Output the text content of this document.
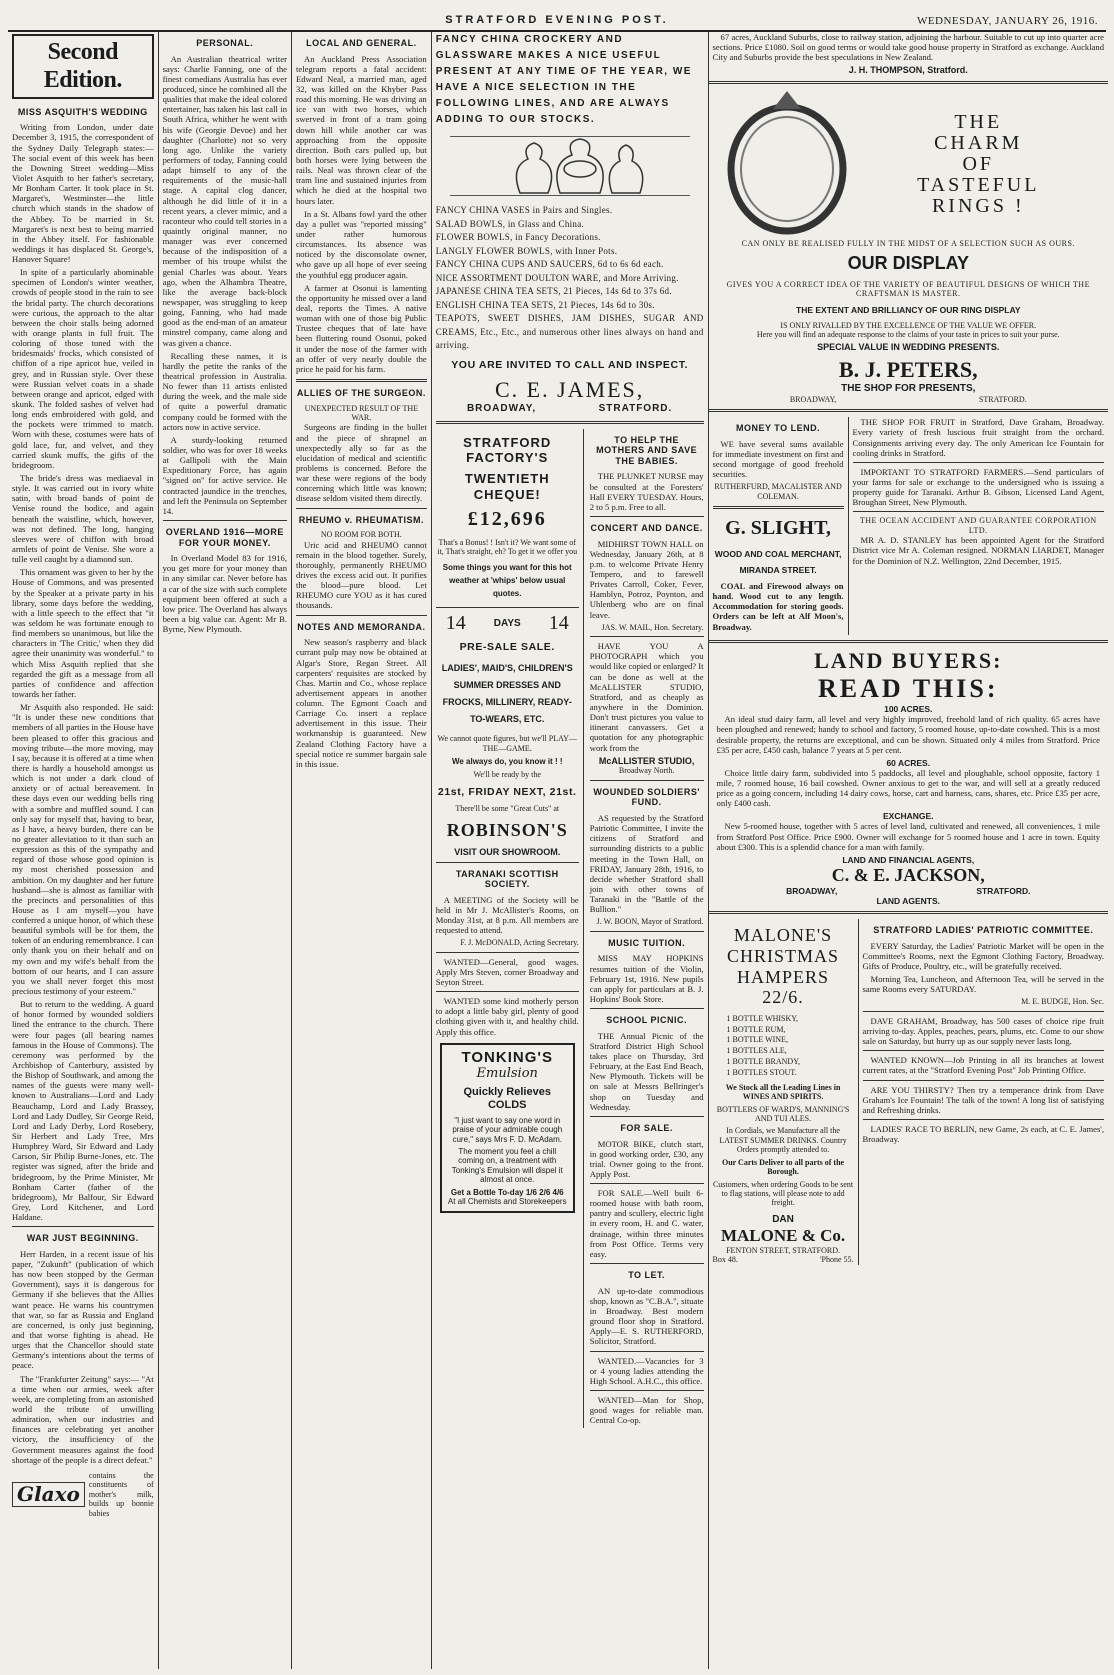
STRATFORD EVENING POST.	WEDNESDAY, JANUARY 26, 1916.
Second Edition.
MISS ASQUITH'S WEDDING

Writing from London, under date December 3, 1915, the correspondent of the Sydney Daily Telegraph states:— The social event of this week has been the Downing Street wedding—Miss Violet Asquith to her father's secretary, Mr Bonham Carter. It took place in St. Margaret's, Westminster—the little church which stands in the shadow of the Abbey. To be married in St. Margaret's is next best to being married in the Abbey itself. For fashionable weddings it has displaced St. George's, Hanover Square!

In spite of a particularly abominable specimen of London's winter weather, crowds of people stood in the rain to see the bridal party. The church decorations were curious, the approach to the altar between the choir stalls being adorned with orange plants in full fruit. The coloring of those toned with the bridesmaids' frocks, which consisted of chiffon of a ripe apricot hue, veiled in grey, and in Russian style. Over these were Russian velvet coats in a shade between orange and apricot, edged with skunk. The folded sashes of velvet had long ends embroidered with gold, and the pockets were trimmed to match. Worn with these, costumes were hats of gold lace, fur, and velvet, and they carried skunk muffs, the gifts of the bridegroom.

The bride's dress was mediaeval in style. It was carried out in ivory white satin, with broad bands of point de Venise round the bodice, and again beneath the waistline, which, however, was not defined. The long, hanging sleeves were of chiffon with broad armlets of point de Venise. She wore a tulle veil caught by a diamond sun.

This ornament was given to her by the House of Commons, and was presented by the Speaker at a private party in his library, some days before the wedding, with a little speech to the effect that "it was seldom he was fortunate enough to find members so unanimous, but like the characters in 'The Critic,' when they did agree their unanimity was wonderful." to which Miss Asquith replied that she regarded the gift as a message from all parties of confidence and affection towards her father.

Mr Asquith also responded. He said: "It is under these new conditions that members of all parties in the House have been pleased to offer this gracious and moving tribute—the more moving, may I say, because it is offered at a time when there is hardly a household amongst us which is not under a dark cloud of anxiety or of actual bereavement. In these days even our wedding bells ring with a sombre and muffled sound. I can only say for myself that, having to bear, as I have, a heavy burden, there can be no greater alleviation to it than such an expression as this of the sympathy and regard of those whose good opinion is my most cherished possession and ambition. On my daughter and her future husband—she is almost as familiar with the precincts and personalities of this House as I am myself—you have conferred a unique honor, of which these beautiful symbols will be for them, the token of an enduring remembrance. I can only thank you on their behalf and on my own and my wife's behalf from the bottom of our hearts, and I can assure you we shall never forget this most precious testimony of your esteem."

But to return to the wedding. A guard of honor formed by wounded soldiers lined the entrance to the church. There were four pages (all bearing names famous in the House of Commons). The ceremony was performed by the Archbishop of Canterbury, assisted by the Bishop of Southwark, and among the names of the guests were many well-known to Australians—Lord and Lady Beauchamp, Lord and Lady Brassey, Lord and Lady Dudley, Sir George Reid, Lord and Lady Derby, Lord Rosebery, Sir Herbert and Lady Tree, Mrs Humphrey Ward, Sir Edward and Lady Carson, Sir Philip Burne-Jones, etc. The register was signed, after the bride and bridegroom, by the Prime Minister, Mr Bonham Carter (father of the bridegroom), Mr Balfour, Sir Edward Grey, Lord Kitchener, and Lord Haldane.

WAR JUST BEGINNING.

Herr Harden, in a recent issue of his paper, "Zukunft" (publication of which has now been stopped by the German Government), says it is dangerous for Germany if she believes that the Allies want peace. He warns his countrymen that war, so far as Russia and England are concerned, is only just beginning, and that worse fighting is ahead. He urges that the Chancellor should state Germany's intentions about the terms of peace.

The "Frankfurter Zeitung" says:— "At a time when our armies, week after week, are completing from an astonished world the tribute of unwilling admiration, when our industries and finances are celebrating yet another victory, the insufficiency of the Government measures against the food shortage of the people is a direct defeat."

Glaxo
contains the constituents of mother's milk, builds up bonnie babies
PERSONAL.

An Australian theatrical writer says: Charlie Fanning, one of the finest comedians Australia has ever produced, since he combined all the qualities that make the ideal colored entertainer, has taken his last call in South Africa, whither he went with his wife (Georgie Devoe) and her daughter (Charlotte) not so very long ago. Unlike the variety performers of today, Fanning could adapt himself to any of the requirements of the music-hall stage. A capital clog dancer, although he did little of it in a recent years, a clever mimic, and a raconteur who could tell stories in a quaintly original manner, no manager was ever concerned because of the indisposition of a member of his troupe whilst the genial Charles was about. Years ago, when the Alhambra Theatre, like the average back-block newspaper, was struggling to keep going, Fanning, who had made good as the end-man of an amateur minstrel company, came along and was given a chance.

Recalling these names, it is hardly the petite the ranks of the theatrical profession in Australia. No fewer than 11 artists enlisted during the week, and the male side of quite a powerful dramatic company could be formed with the actors now in active service.

A sturdy-looking returned soldier, who was for over 18 weeks at Gallipoli with the Main Expeditionary Force, has again "signed on" for active service. He contracted jaundice in the trenches, and left the Peninsula on September 14.

OVERLAND 1916—MORE FOR YOUR MONEY.

In Overland Model 83 for 1916, you get more for your money than in any similar car. Never before has a car of the size with such complete equipment been offered at such a low price. The Overland has always been a big value car. Agent: Mr B. Byrne, New Plymouth.

LOCAL AND GENERAL.

An Auckland Press Association telegram reports a fatal accident: Edward Neal, a married man, aged 32, was killed on the Khyber Pass road this morning. He was driving an ice van with two horses, which swerved in front of a tram going down hill while another car was approaching from the opposite direction. Both cars pulled up, but both horses were lying between the rails. Neal was thrown clear of the tram line and sustained injuries from which he died at the hospital two hours later.

In a St. Albans fowl yard the other day a pullet was "reported missing" under rather humorous circumstances. Its absence was noticed by the disconsolate owner, who gave up all hope of ever seeing the youthful egg producer again.

A farmer at Osonui is lamenting the opportunity he missed over a land deal, reports the Times. A native woman with one of those big Public Trustee cheques that of late have been fluttering round Osonui, poked it under the nose of the farmer with an offer of very nearly double the price he paid for his farm.

ALLIES OF THE SURGEON.
UNEXPECTED RESULT OF THE WAR.

Surgeons are finding in the bullet and the piece of shrapnel an unexpectedly ally so far as the elucidation of medical and scientific problems is concerned. Before the war these were regions of the body concerning which little was known; disease seldom visited them directly.

RHEUMO v. RHEUMATISM.
NO ROOM FOR BOTH.

Uric acid and RHEUMO cannot remain in the blood together. Surely, thoroughly, permanently RHEUMO drives the excess acid out. It purifies the blood—pure blood. Let RHEUMO cure YOU as it has cured thousands.

NOTES AND MEMORANDA.

New season's raspberry and black currant pulp may now be obtained at Algar's Store, Regan Street. All carpenters' requisites are stocked by Chas. Martin and Co., whose replace advertisement appears in another column. The Egmont Coach and Carriage Co. insert a replace advertisement in this issue. Their workmanship is guaranteed. New Zealand Clothing Factory have a special notice re summer bargain sale in this issue.

FANCY CHINA CROCKERY AND GLASSWARE MAKES A NICE USEFUL PRESENT AT ANY TIME OF THE YEAR, WE HAVE A NICE SELECTION IN THE FOLLOWING LINES, AND ARE ALWAYS ADDING TO OUR STOCKS.
FANCY CHINA VASES in Pairs and Singles.
SALAD BOWLS, in Glass and China.
FLOWER BOWLS, in Fancy Decorations.
LANGLY FLOWER BOWLS, with Inner Pots.
FANCY CHINA CUPS AND SAUCERS, 6d to 6s 6d each.
NICE ASSORTMENT DOULTON WARE, and More Arriving.
JAPANESE CHINA TEA SETS, 21 Pieces, 14s 6d to 37s 6d.
ENGLISH CHINA TEA SETS, 21 Pieces, 14s 6d to 30s.
TEAPOTS, SWEET DISHES, JAM DISHES, SUGAR AND CREAMS, Etc., Etc., and numerous other lines always on hand and arriving.
YOU ARE INVITED TO CALL AND INSPECT.
C. E. JAMES,
BROADWAY,	STRATFORD.
STRATFORD FACTORY'S
TWENTIETH CHEQUE!
£12,696
That's a Bonus! ! Isn't it? We want some of it, That's straight, eh? To get it we offer you
Some things you want for this hot weather at 'whips' below usual quotes.
14	DAYS 14
PRE-SALE SALE.
LADIES', MAID'S, CHILDREN'S SUMMER DRESSES AND FROCKS, MILLINERY, READY-TO-WEARS, ETC.
We cannot quote figures, but we'll PLAY—THE—GAME.
We always do, you know it ! !
We'll be ready by the
21st, FRIDAY NEXT, 21st.
There'll be some "Great Cuts" at
ROBINSON'S
VISIT OUR SHOWROOM.
TARANAKI SCOTTISH SOCIETY.

A MEETING of the Society will be held in Mr J. McAllister's Rooms, on Monday 31st, at 8 p.m. All members are requested to attend.

F. J. McDONALD, Acting Secretary.

WANTED—General, good wages. Apply Mrs Steven, corner Broadway and Seyton Street.

WANTED some kind motherly person to adopt a little baby girl, plenty of good clothing given with it, and healthy child. Apply this office.

TONKING'S
Emulsion
Quickly Relieves COLDS
"I just want to say one word in praise of your admirable cough cure," says Mrs F. D. McAdam.
The moment you feel a chill coming on, a treatment with Tonking's Emulsion will dispel it almost at once.
Get a Bottle To-day 1/6 2/6 4/6
At all Chemists and Storekeepers
TO HELP THE MOTHERS AND SAVE THE BABIES.

THE PLUNKET NURSE may be consulted at the Foresters' Hall EVERY TUESDAY. Hours, 2 to 5 p.m. Free to all.

CONCERT AND DANCE.

MIDHIRST TOWN HALL on Wednesday, January 26th, at 8 p.m. to welcome Private Henry Tempero, and to farewell Privates Carroll, Coker, Fever, Hamblyn, Potroz, Poynton, and Uhlenberg who are on final leave.

JAS. W. MAIL, Hon. Secretary.

HAVE YOU A PHOTOGRAPH which you would like copied or enlarged? It can be done as well at the McALLISTER STUDIO, Stratford, and as cheaply as anywhere in the Dominion. Don't trust pictures you value to itinerant canvassers. Get a quotation for any photographic work from the

McALLISTER STUDIO,
Broadway North.
WOUNDED SOLDIERS' FUND.

AS requested by the Stratford Patriotic Committee, I invite the citizens of Stratford and surrounding districts to a public meeting in the Town Hall, on FRIDAY, January 28th, 1916, to decide whether Stratford shall join with other towns of Taranaki in the "Battle of the Bullion."

J. W. BOON, Mayor of Stratford.
MUSIC TUITION.

MISS MAY HOPKINS resumes tuition of the Violin, February 1st, 1916. New pupils can apply for particulars at B. J. Hopkins' Book Store.

SCHOOL PICNIC.

THE Annual Picnic of the Stratford District High School takes place on Thursday, 3rd February, at the East End Beach, New Plymouth. Tickets will be on sale at Messrs Bellringer's shop on Tuesday and Wednesday.

FOR SALE.

MOTOR BIKE, clutch start, in good working order, £30, any trial. Owner going to the front. Apply Post.

FOR SALE.—Well built 6-roomed house with bath room, pantry and scullery, electric light in every room, H. and C. water, drainage, within three minutes from Post Office. Terms very easy.

TO LET.

AN up-to-date commodious shop, known as "C.B.A.", situate in Broadway. Best modern ground floor shop in Stratford. Apply—E. S. RUTHERFORD, Solicitor, Stratford.

WANTED.—Vacancies for 3 or 4 young ladies attending the High School. A.H.C., this office.

WANTED—Man for Shop, good wages for reliable man. Central Co-op.

67 acres, Auckland Suburbs, close to railway station, adjoining the harbour. Suitable to cut up into quarter acre sections. Price £1080. Soil on good terms or would take good house property in Stratford as exchange. Auckland City and Suburbs provide the best speculations in New Zealand.

J. H. THOMPSON, Stratford.
THE
CHARM
OF
TASTEFUL
RINGS !
CAN ONLY BE REALISED FULLY IN THE MIDST OF A SELECTION SUCH AS OURS.
OUR DISPLAY
GIVES YOU A CORRECT IDEA OF THE VARIETY OF BEAUTIFUL DESIGNS OF WHICH THE CRAFTSMAN IS MASTER.
THE EXTENT AND BRILLIANCY OF OUR RING DISPLAY
IS ONLY RIVALLED BY THE EXCELLENCE OF THE VALUE WE OFFER.
Here you will find an adequate response to the claims of your taste in prices to suit your purse.
SPECIAL VALUE IN WEDDING PRESENTS.
B. J. PETERS,
THE SHOP FOR PRESENTS,
BROADWAY,	STRATFORD.
MONEY TO LEND.

WE have several sums available for immediate investment on first and second mortgage of good freehold securities.

RUTHERFURD, MACALISTER AND COLEMAN.
G. SLIGHT,
WOOD AND COAL MERCHANT,
MIRANDA STREET.

COAL and Firewood always on hand. Wood cut to any length. Accommodation for storing goods. Orders can be left at Alf Moon's, Broadway.

THE SHOP FOR FRUIT in Stratford, Dave Graham, Broadway. Every variety of fresh luscious fruit straight from the orchard. Consignments arriving every day. The only American Ice Fountain for cooling drinks in Stratford.

IMPORTANT TO STRATFORD FARMERS.—Send particulars of your farms for sale or exchange to the undersigned who is issuing a property guide for Taranaki. Arthur B. Gibson, Licensed Land Agent, Broughan Street, New Plymouth.

THE OCEAN ACCIDENT AND GUARANTEE CORPORATION LTD.

MR A. D. STANLEY has been appointed Agent for the Stratford District vice Mr A. Coleman resigned. NORMAN LIARDET, Manager for the Dominion of N.Z. Wellington, 22nd December, 1915.

LAND BUYERS:
READ THIS:
100 ACRES.

An ideal stud dairy farm, all level and very highly improved, freehold land of rich quality. 65 acres have been ploughed and renewed; handy to school and factory, 5 roomed house, up-to-date cowshed. This is a most desirable property, the returns are exceptional, and can be shown. Situated only 4 miles from Stratford. Price £35 per acre, £450 cash, balance 7 years at 5 per cent.

60 ACRES.

Choice little dairy farm, subdivided into 5 paddocks, all level and ploughable, school opposite, factory 1 mile, 7 roomed house, 16 bail cowshed. Owner anxious to get to the war, and will sell at a greatly reduced price as a going concern, including 14 dairy cows, horse, cart and harness, cans, shares, etc. Price £35 per acre, only £400 cash.

EXCHANGE.

New 5-roomed house, together with 5 acres of level land, cultivated and renewed, all conveniences, 1 mile from Stratford Post Office. Price £900. Owner will exchange for 5 roomed house and 1 acre in town. Equity about £300. This is a splendid chance for a man with family.

LAND AND FINANCIAL AGENTS,
C. & E. JACKSON,
BROADWAY,	STRATFORD.
LAND AGENTS.
MALONE'S
CHRISTMAS
HAMPERS
22/6.
1 BOTTLE WHISKY,
1 BOTTLE RUM,
1 BOTTLE WINE,
1 BOTTLES ALE,
1 BOTTLE BRANDY,
1 BOTTLES STOUT.
We Stock all the Leading Lines in WINES AND SPIRITS.
BOTTLERS OF WARD'S, MANNING'S AND TUI ALES.
In Cordials, we Manufacture all the LATEST SUMMER DRINKS. Country Orders promptly attended to.
Our Carts Deliver to all parts of the Borough.
Customers, when ordering Goods to be sent to flag stations, will please note to add freight.
DAN
MALONE & Co.
FENTON STREET, STRATFORD.
Box 48.	'Phone 55.
STRATFORD LADIES' PATRIOTIC COMMITTEE.

EVERY Saturday, the Ladies' Patriotic Market will be open in the Committee's Rooms, next the Egmont Clothing Factory, Broadway. Gifts of Produce, Poultry, etc., will be gratefully received.

Morning Tea, Luncheon, and Afternoon Tea, will be served in the same Rooms every SATURDAY.

M. E. BUDGE, Hon. Sec.

DAVE GRAHAM, Broadway, has 500 cases of choice ripe fruit arriving to-day. Apples, peaches, pears, plums, etc. Come to our show sale on Saturday, but hurry up as our supply never lasts long.

WANTED KNOWN—Job Printing in all its branches at lowest current rates, at the "Stratford Evening Post" Job Printing Office.

ARE YOU THIRSTY? Then try a temperance drink from Dave Graham's Ice Fountain! The talk of the town! A long list of satisfying and Refreshing drinks.

LADIES' RACE TO BERLIN, new Game, 2s each, at C. E. James', Broadway.
